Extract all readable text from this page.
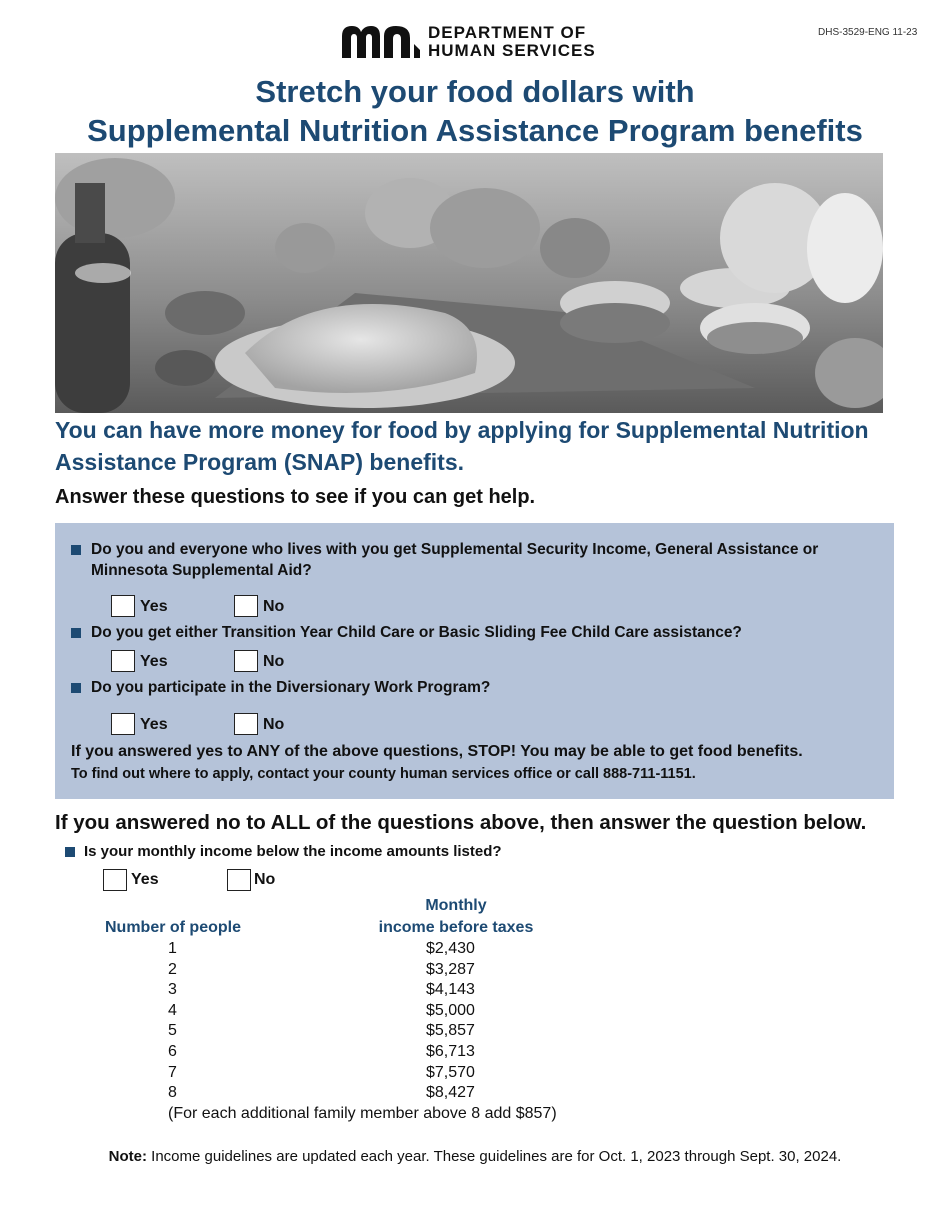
DEPARTMENT OF
HUMAN SERVICES
DHS-3529-ENG 11-23
Stretch your food dollars with
Supplemental Nutrition Assistance Program benefits
You can have more money for food by applying for Supplemental Nutrition Assistance Program (SNAP) benefits.
Answer these questions to see if you can get help.
Do you and everyone who lives with you get Supplemental Security Income, General Assistance or Minnesota Supplemental Aid?
Yes	No
Do you get either Transition Year Child Care or Basic Sliding Fee Child Care assistance?
Yes	No
Do you participate in the Diversionary Work Program?
Yes	No
If you answered yes to ANY of the above questions, STOP! You may be able to get food benefits.
To find out where to apply, contact your county human services office or call 888-711-1151.
If you answered no to ALL of the questions above, then answer the question below.
Is your monthly income below the income amounts listed?
Yes	No
Number of people
Monthly
income before taxes
1	$2,430
2	$3,287
3	$4,143
4	$5,000
5	$5,857
6	$6,713
7	$7,570
8	$8,427
(For each additional family member above 8 add $857)
Note: Income guidelines are updated each year. These guidelines are for Oct. 1, 2023 through Sept. 30, 2024.
